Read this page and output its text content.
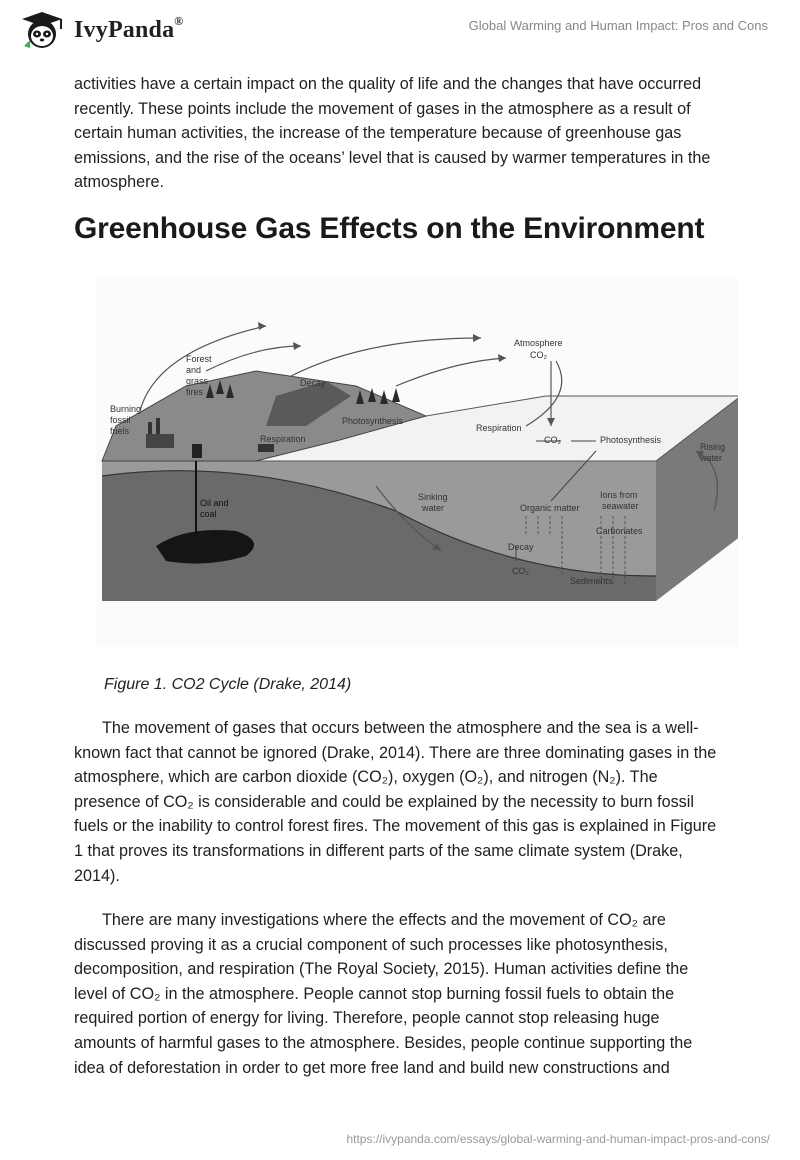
IvyPanda®	Global Warming and Human Impact: Pros and Cons

activities have a certain impact on the quality of life and the changes that have occurred recently. These points include the movement of gases in the atmosphere as a result of certain human activities, the increase of the temperature because of greenhouse gas emissions, and the rise of the oceans’ level that is caused by warmer temperatures in the atmosphere.

Greenhouse Gas Effects on the Environment
Atmosphere
CO₂
Forest
and
grass
fires
Decay
Burning
fossil
fuels
Photosynthesis
Respiration
Respiration
CO₂	Photosynthesis
Rising
water
Oil and
coal
Sinking
water	Organic matter
Ions from
seawater
Carbonates
Decay
CO₂
Sediments
Figure 1. CO2 Cycle (Drake, 2014)

The movement of gases that occurs between the atmosphere and the sea is a well-known fact that cannot be ignored (Drake, 2014). There are three dominating gases in the atmosphere, which are carbon dioxide (CO₂), oxygen (O₂), and nitrogen (N₂). The presence of CO₂ is considerable and could be explained by the necessity to burn fossil fuels or the inability to control forest fires. The movement of this gas is explained in Figure 1 that proves its transformations in different parts of the same climate system (Drake, 2014).

There are many investigations where the effects and the movement of CO₂ are discussed proving it as a crucial component of such processes like photosynthesis, decomposition, and respiration (The Royal Society, 2015). Human activities define the level of CO₂ in the atmosphere. People cannot stop burning fossil fuels to obtain the required portion of energy for living. Therefore, people cannot stop releasing huge amounts of harmful gases to the atmosphere. Besides, people continue supporting the idea of deforestation in order to get more free land and build new constructions and

https://ivypanda.com/essays/global-warming-and-human-impact-pros-and-cons/
